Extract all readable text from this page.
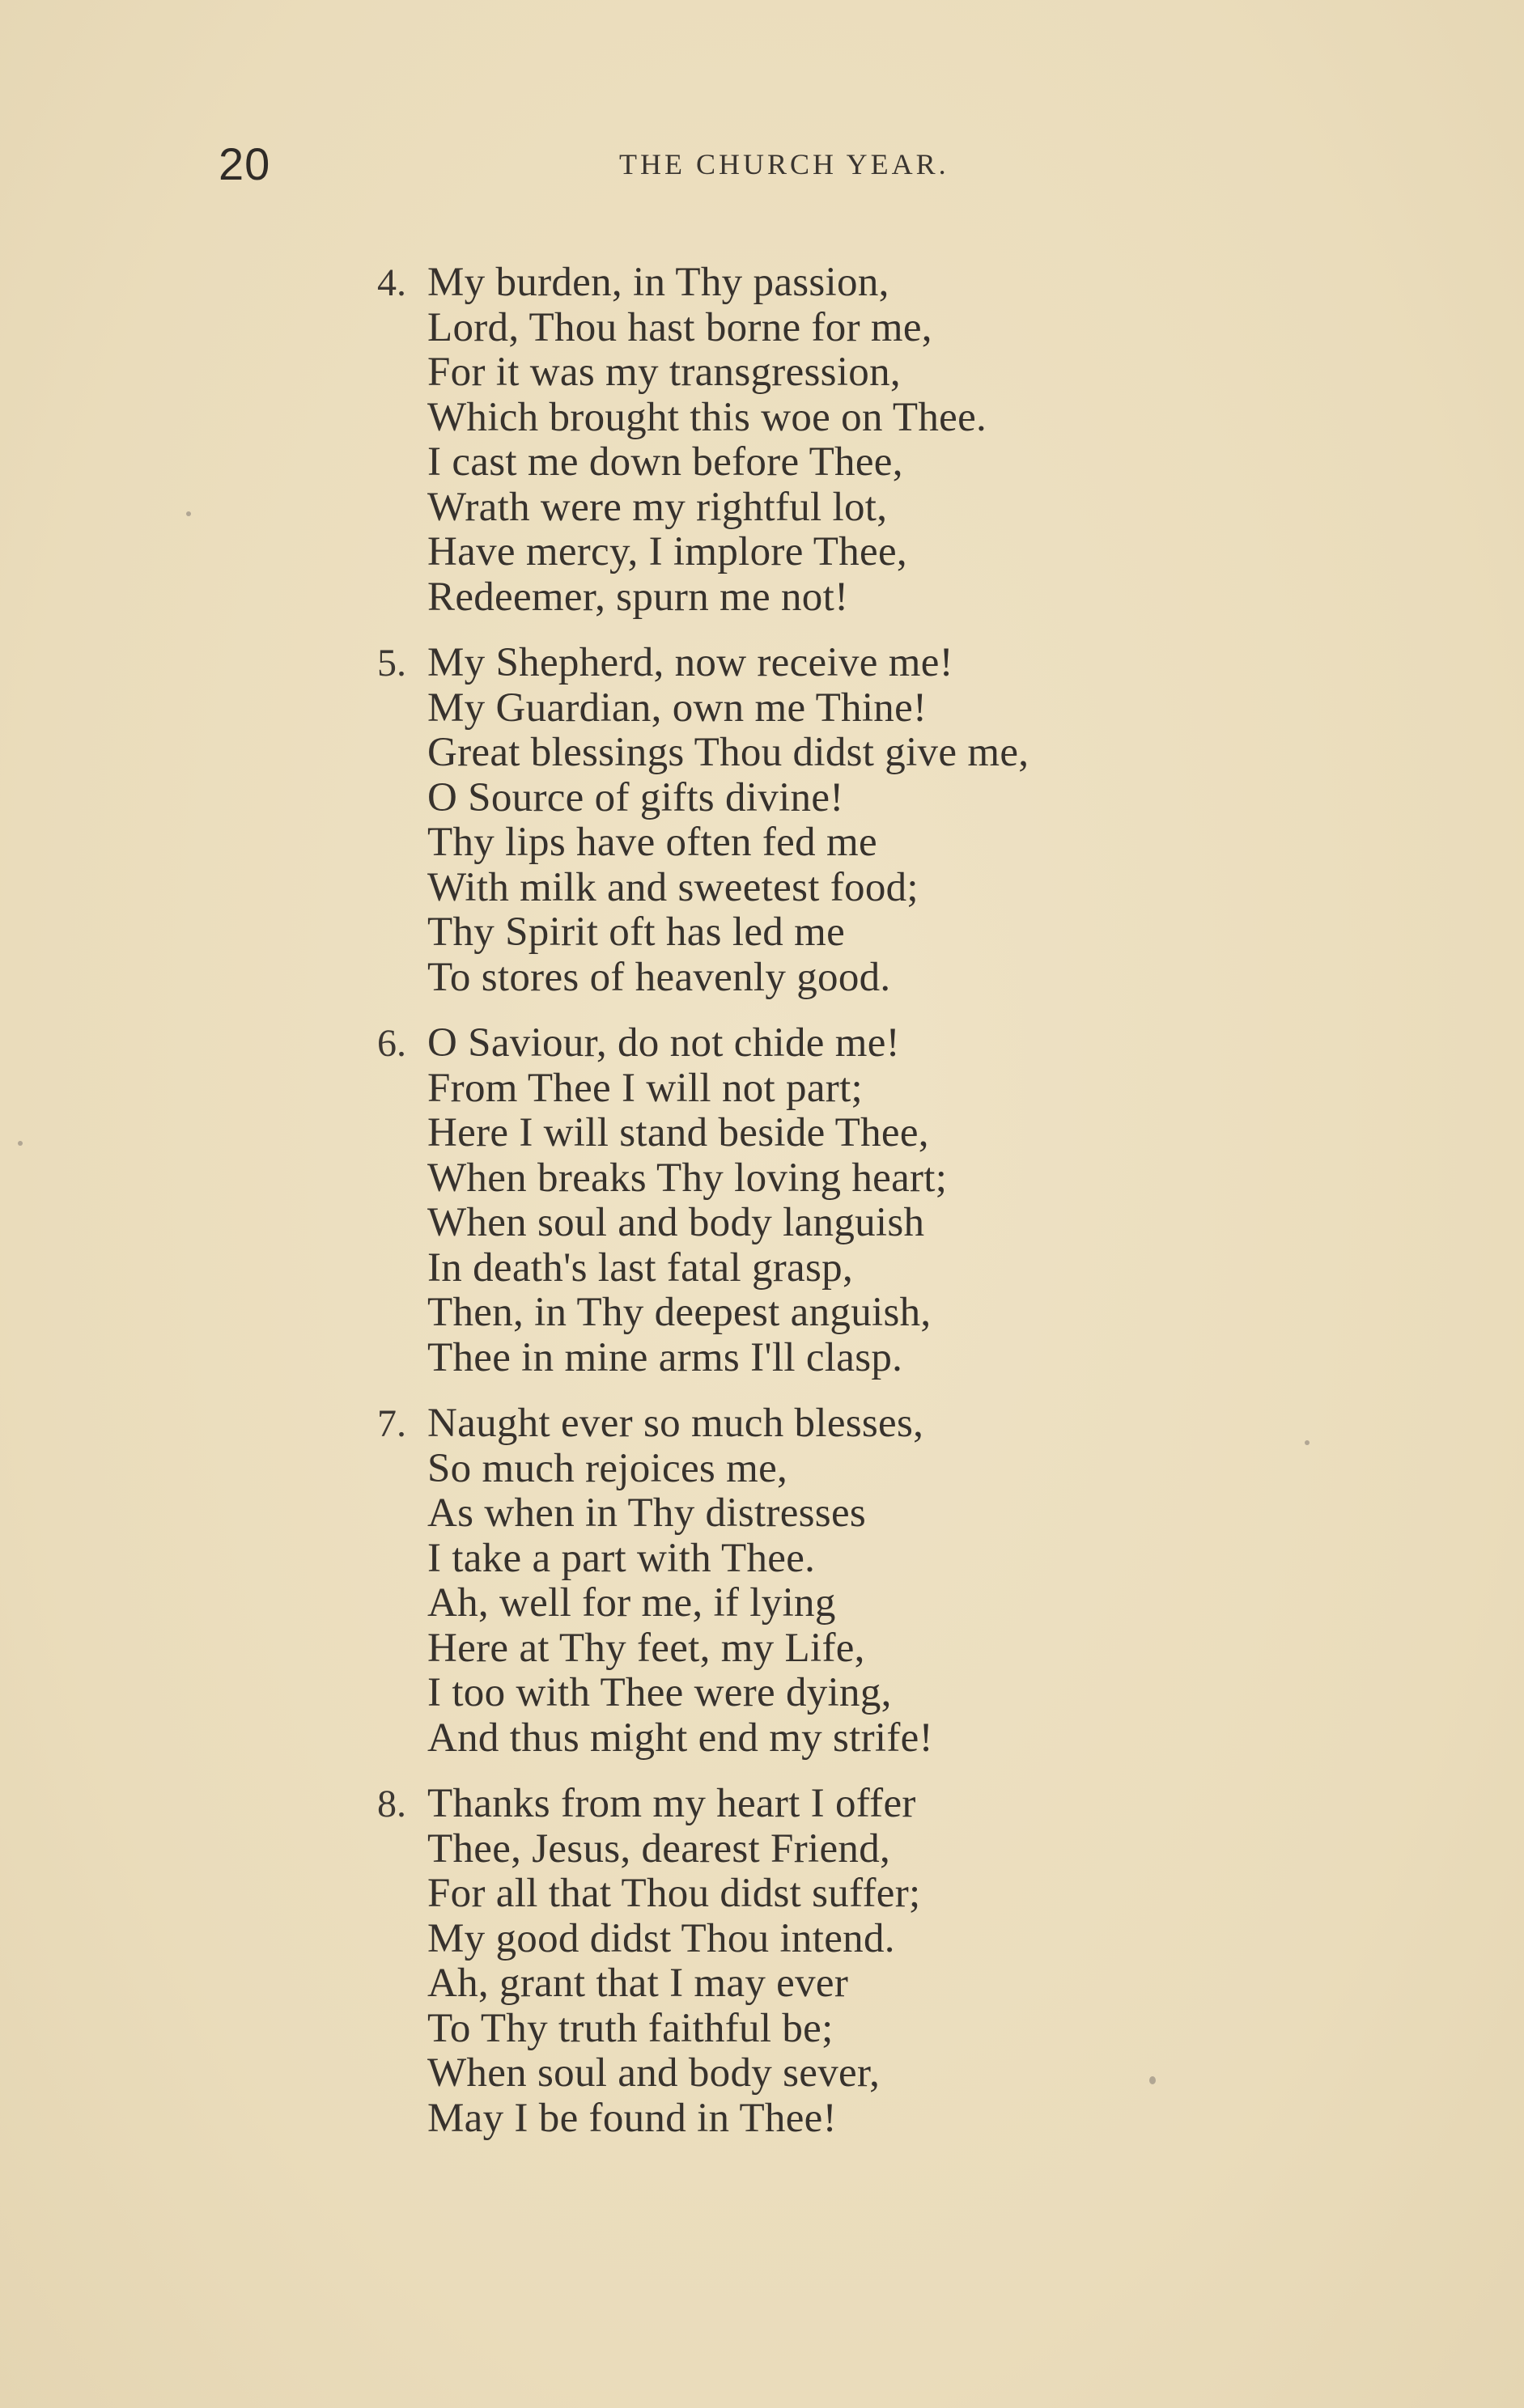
20	THE CHURCH YEAR.
4. My burden, in Thy passion,
Lord, Thou hast borne for me,
For it was my transgression,
Which brought this woe on Thee.
I cast me down before Thee,
Wrath were my rightful lot,
Have mercy, I implore Thee,
Redeemer, spurn me not!
5. My Shepherd, now receive me!
My Guardian, own me Thine!
Great blessings Thou didst give me,
O Source of gifts divine!
Thy lips have often fed me
With milk and sweetest food;
Thy Spirit oft has led me
To stores of heavenly good.
6. O Saviour, do not chide me!
From Thee I will not part;
Here I will stand beside Thee,
When breaks Thy loving heart;
When soul and body languish
In death's last fatal grasp,
Then, in Thy deepest anguish,
Thee in mine arms I'll clasp.
7. Naught ever so much blesses,
So much rejoices me,
As when in Thy distresses
I take a part with Thee.
Ah, well for me, if lying
Here at Thy feet, my Life,
I too with Thee were dying,
And thus might end my strife!
8. Thanks from my heart I offer
Thee, Jesus, dearest Friend,
For all that Thou didst suffer;
My good didst Thou intend.
Ah, grant that I may ever
To Thy truth faithful be;
When soul and body sever,
May I be found in Thee!
